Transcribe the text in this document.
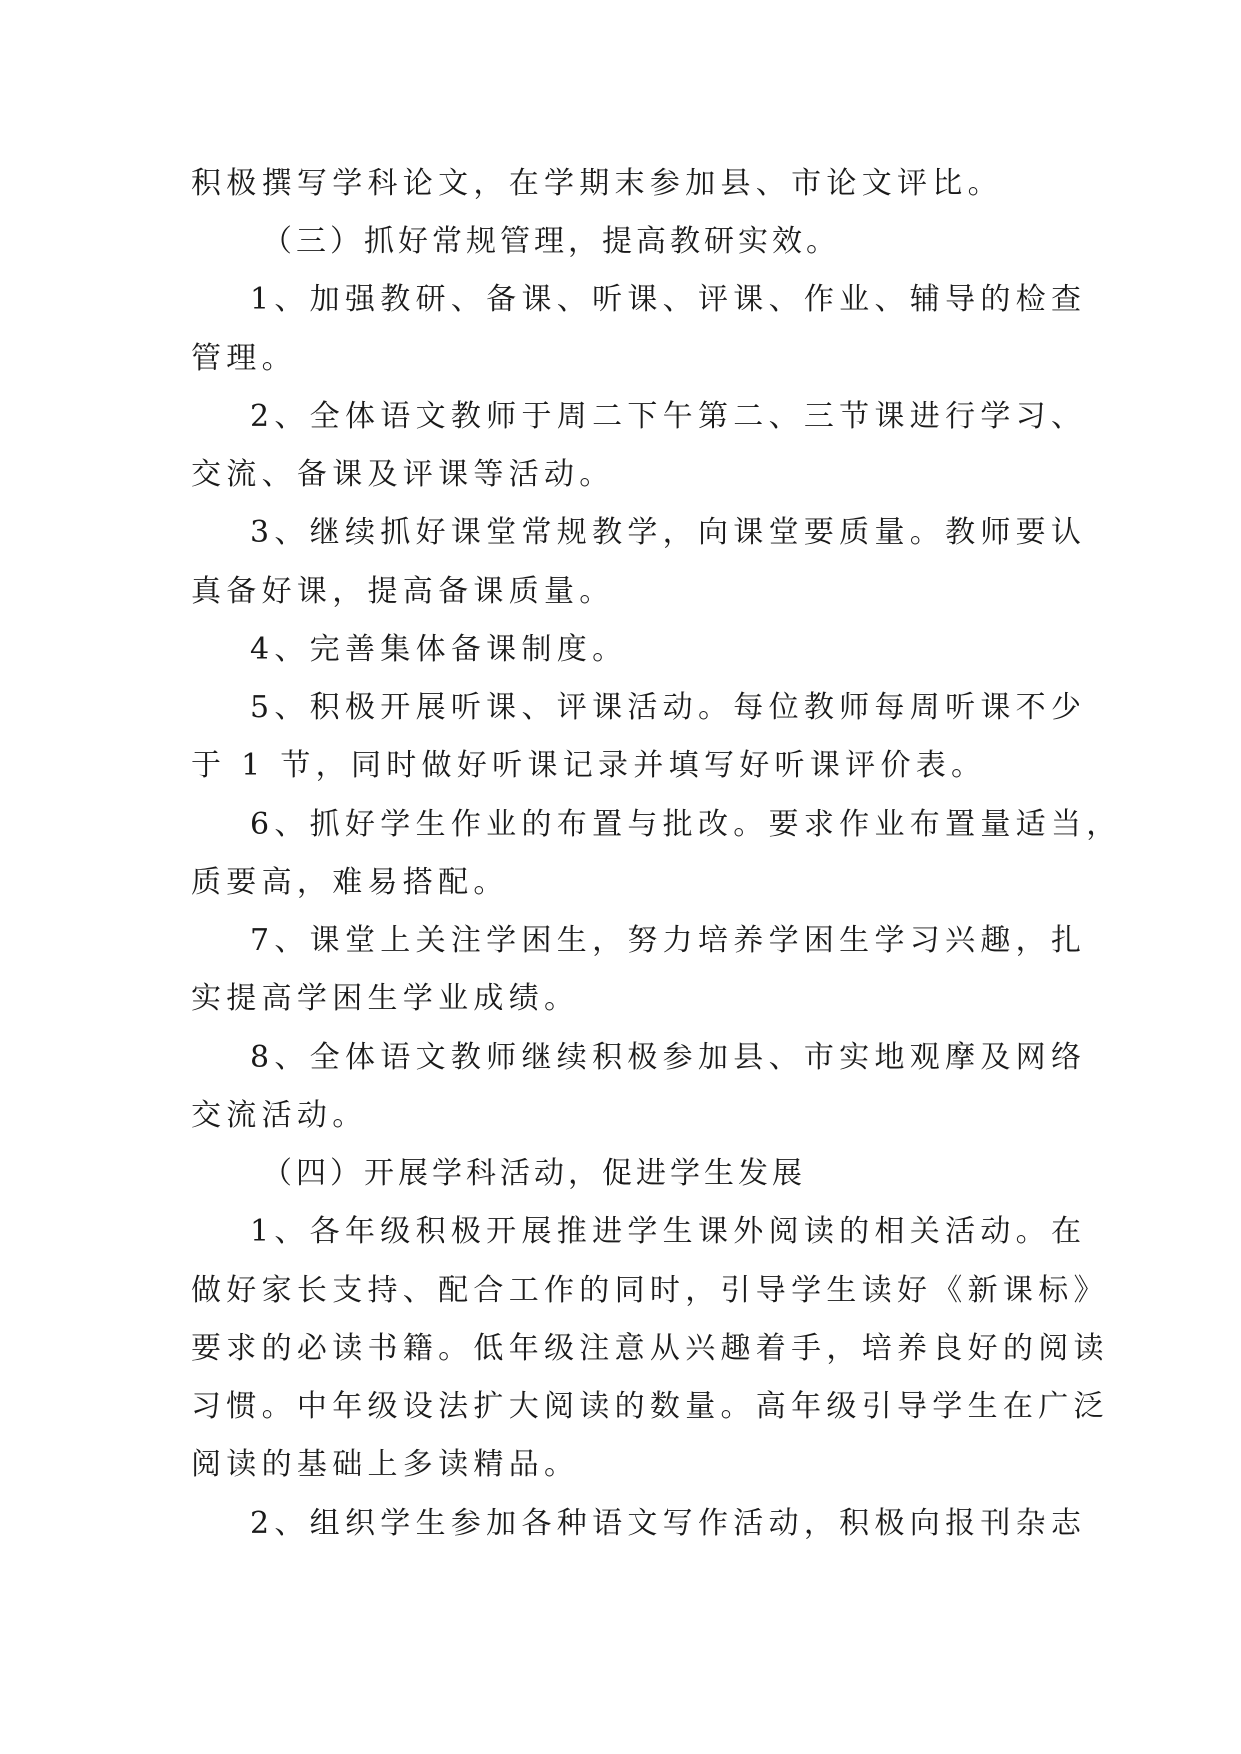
积极撰写学科论文，在学期末参加县、市论文评比。
（三）抓好常规管理，提高教研实效。
1、加强教研、备课、听课、评课、作业、辅导的检查
管理。
2、全体语文教师于周二下午第二、三节课进行学习、
交流、备课及评课等活动。
3、继续抓好课堂常规教学，向课堂要质量。教师要认
真备好课，提高备课质量。
4、完善集体备课制度。
5、积极开展听课、评课活动。每位教师每周听课不少
于 1 节，同时做好听课记录并填写好听课评价表。
6、抓好学生作业的布置与批改。要求作业布置量适当，
质要高，难易搭配。
7、课堂上关注学困生，努力培养学困生学习兴趣，扎
实提高学困生学业成绩。
8、全体语文教师继续积极参加县、市实地观摩及网络
交流活动。
（四）开展学科活动，促进学生发展
1、各年级积极开展推进学生课外阅读的相关活动。在
做好家长支持、配合工作的同时，引导学生读好《新课标》
要求的必读书籍。低年级注意从兴趣着手，培养良好的阅读
习惯。中年级设法扩大阅读的数量。高年级引导学生在广泛
阅读的基础上多读精品。
2、组织学生参加各种语文写作活动，积极向报刊杂志
